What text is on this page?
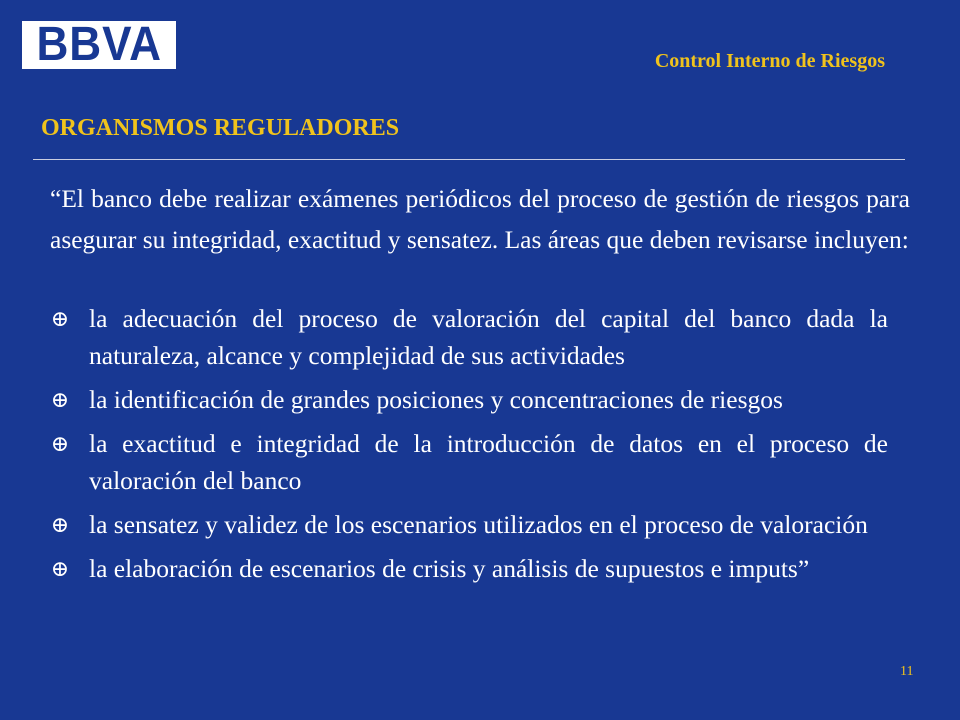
BBVA	Control Interno de Riesgos
ORGANISMOS REGULADORES

“El banco debe realizar exámenes periódicos del proceso de gestión de riesgos para asegurar su integridad, exactitud y sensatez. Las áreas que deben revisarse incluyen:

⊕ la adecuación del proceso de valoración del capital del banco dada la naturaleza, alcance y complejidad de sus actividades
⊕ la identificación de grandes posiciones y concentraciones de riesgos
⊕ la exactitud e integridad de la introducción de datos en el proceso de valoración del banco
⊕ la sensatez y validez de los escenarios utilizados en el proceso de valoración
⊕ la elaboración de escenarios de crisis y análisis de supuestos e imputs”
11
